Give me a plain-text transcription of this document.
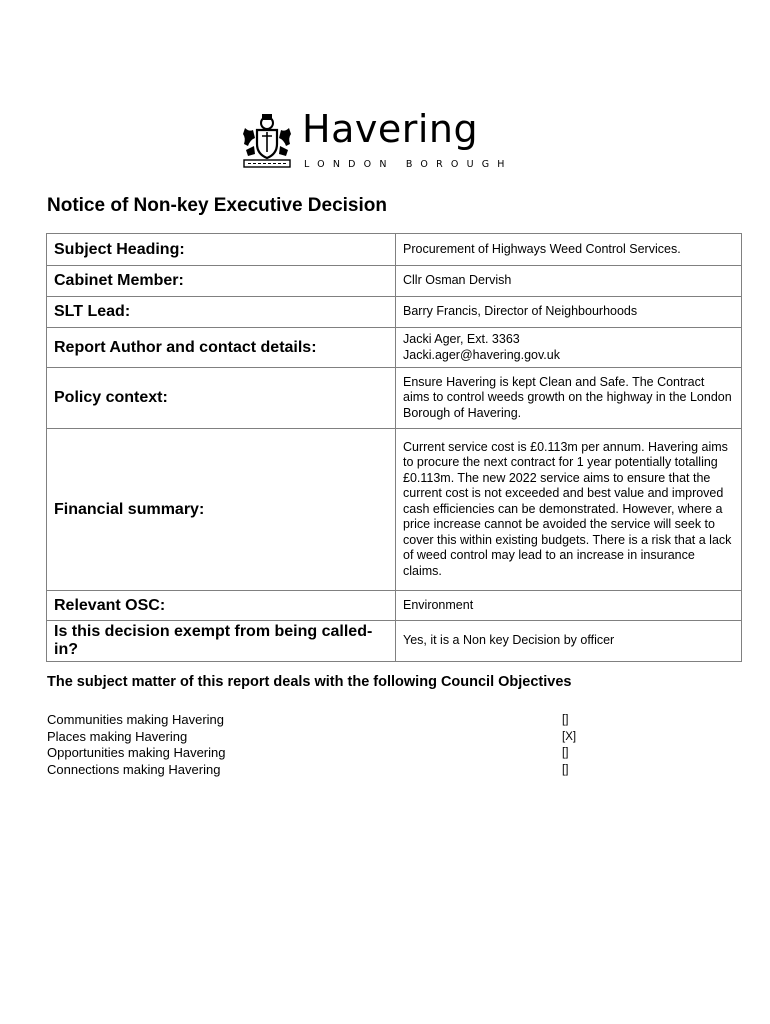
Havering
LONDON BOROUGH
Notice of Non-key Executive Decision
Subject Heading:	Procurement of Highways Weed Control Services.
Cabinet Member:	Cllr Osman Dervish
SLT Lead:	Barry Francis, Director of Neighbourhoods
Report Author and contact details:	Jacki Ager, Ext. 3363
Jacki.ager@havering.gov.uk

Policy context:	Ensure Havering is kept Clean and Safe. The Contract aims to control weeds growth on the highway in the London Borough of Havering.
Financial summary:	Current service cost is £0.113m per annum. Havering aims to procure the next contract for 1 year potentially totalling £0.113m. The new 2022 service aims to ensure that the current cost is not exceeded and best value and improved cash efficiencies can be demonstrated. However, where a price increase cannot be avoided the service will seek to cover this within existing budgets. There is a risk that a lack of weed control may lead to an increase in insurance claims.
Relevant OSC:	Environment
Is this decision exempt from being called-in?	Yes, it is a Non key Decision by officer
The subject matter of this report deals with the following Council Objectives
Communities making Havering	[]
Places making Havering	[X]
Opportunities making Havering	[]
Connections making Havering	[]
